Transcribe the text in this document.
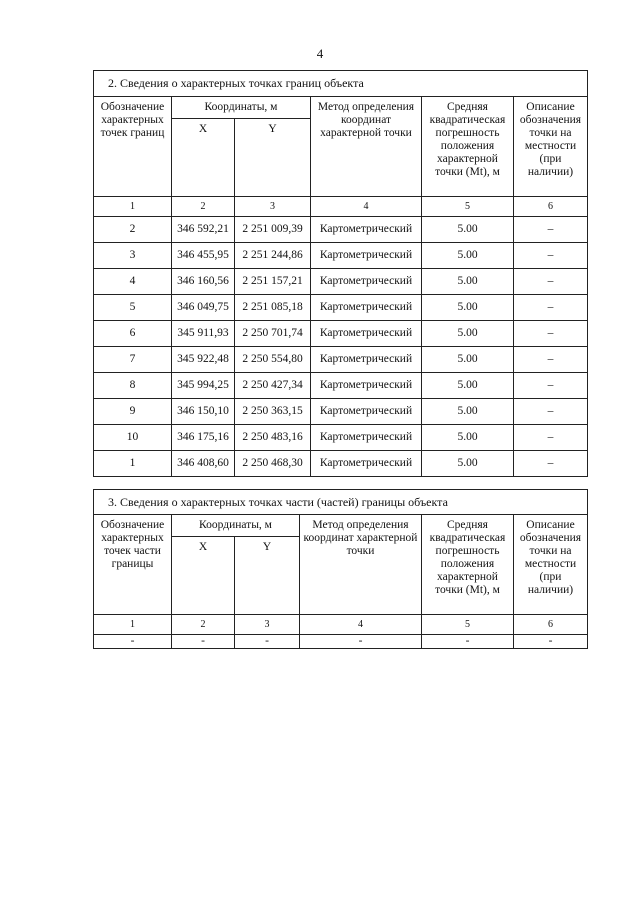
4
2. Сведения о характерных точках границ объекта					
Обозначение характерных точек границ	Координаты, м		Метод определения координат характерной точки	Средняя квадратическая погрешность положения характерной точки (Mt), м	Описание обозначения точки на местности (при наличии)
	X	Y			
1	2	3	4	5	6
2	346 592,21	2 251 009,39	Картометрический	5.00	–
3	346 455,95	2 251 244,86	Картометрический	5.00	–
4	346 160,56	2 251 157,21	Картометрический	5.00	–
5	346 049,75	2 251 085,18	Картометрический	5.00	–
6	345 911,93	2 250 701,74	Картометрический	5.00	–
7	345 922,48	2 250 554,80	Картометрический	5.00	–
8	345 994,25	2 250 427,34	Картометрический	5.00	–
9	346 150,10	2 250 363,15	Картометрический	5.00	–
10	346 175,16	2 250 483,16	Картометрический	5.00	–
1	346 408,60	2 250 468,30	Картометрический	5.00	–
3. Сведения о характерных точках части (частей) границы объекта					
Обозначение характерных точек части границы	Координаты, м		Метод определения координат характерной точки	Средняя квадратическая погрешность положения характерной точки (Mt), м	Описание обозначения точки на местности (при наличии)
	X	Y			
1	2	3	4	5	6
-	-	-	-	-	-
